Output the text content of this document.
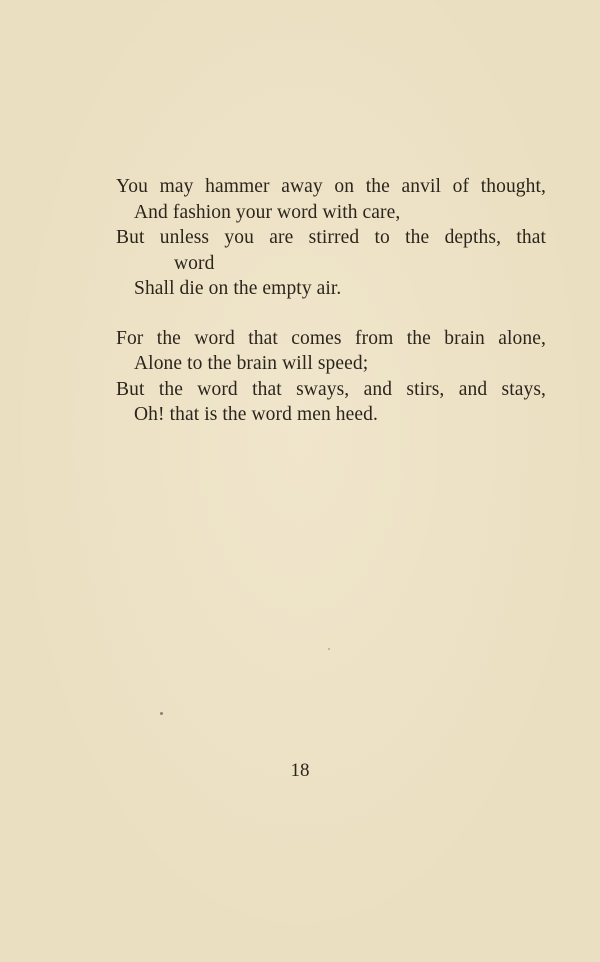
You may hammer away on the anvil of thought,
And fashion your word with care,
But unless you are stirred to the depths, that
word
Shall die on the empty air.

For the word that comes from the brain alone,
Alone to the brain will speed;
But the word that sways, and stirs, and stays,
Oh! that is the word men heed.

18
